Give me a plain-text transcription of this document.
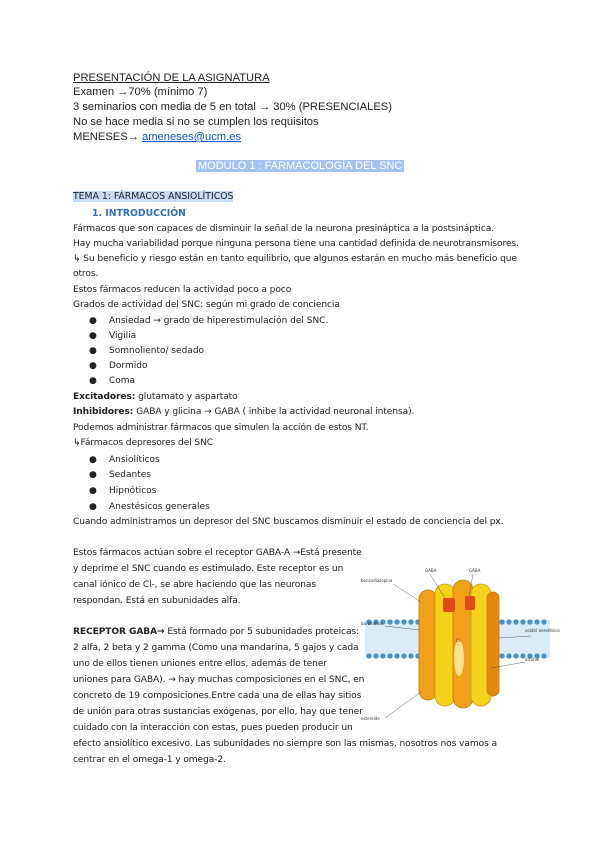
PRESENTACIÓN DE LA ASIGNATURA
Examen →70% (mínimo 7)
3 seminarios con media de 5 en total → 30% (PRESENCIALES)
No se hace media si no se cumplen los requisitos
MENESES→ ameneses@ucm.es
MODULO 1 : FARMACOLOGÍA DEL SNC
TEMA 1: FÁRMACOS ANSIOLÍTICOS
1. INTRODUCCIÓN
Fármacos que son capaces de disminuir la señal de la neurona presináptica a la postsináptica.
Hay mucha variabilidad porque ninguna persona tiene una cantidad definida de neurotransmisores.
↳ Su beneficio y riesgo están en tanto equilibrio, que algunos estarán en mucho más beneficio que
otros.
Estos fármacos reducen la actividad poco a poco
Grados de actividad del SNC: según mi grado de conciencia
● Ansiedad → grado de hiperestimulación del SNC.
● Vigilia
● Somnoliento/ sedado
● Dormido
● Coma
Excitadores: glutamato y aspartato
Inhibidores: GABA y glicina → GABA ( inhibe la actividad neuronal intensa).
Podemos administrar fármacos que simulen la acción de estos NT.
↳Fármacos depresores del SNC
● Ansiolíticos
● Sedantes
● Hipnóticos
● Anestésicos generales
Cuando administramos un depresor del SNC buscamos disminuir el estado de conciencia del px.
Estos fármacos actúan sobre el receptor GABA-A →Está presente
y deprime el SNC cuando es estimulado. Este receptor es un
canal iónico de Cl-, se abre haciendo que las neuronas
respondan. Está en subunidades alfa.
RECEPTOR GABA→ Está formado por 5 subunidades proteicas:
2 alfa, 2 beta y 2 gamma (Como una mandarina, 5 gajos y cada
uno de ellos tienen uniones entre ellos, además de tener
uniones para GABA). → hay muchas composiciones en el SNC, en
concreto de 19 composiciones.Entre cada una de ellas hay sitios
de unión para otras sustancias exógenas, por ello, hay que tener
cuidado con la interacción con estas, pues pueden producir un
efecto ansiolítico excesivo. Las subunidades no siempre son las mismas, nosotros nos vamos a
centrar en el omega-1 y omega-2.
GABA	GABA
benzodiazepina
barbitúrico
volátil anestésico
alcohol
esteroide
Cl⁻
